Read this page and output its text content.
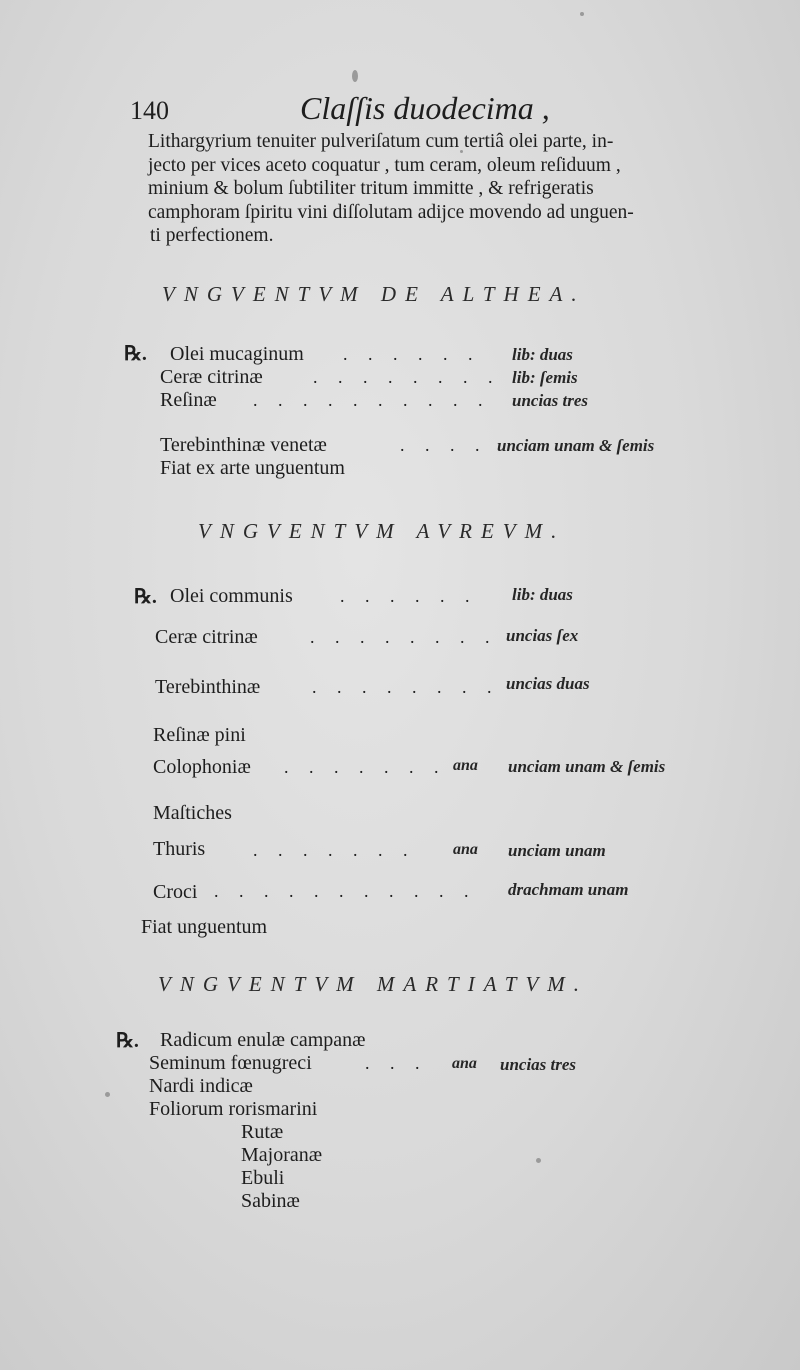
140	Claſſis duodecima ,
Lithargyrium tenuiter pulveriſatum cum tertiâ olei parte, in-
jecto per vices aceto coquatur , tum ceram, oleum reſiduum ,
minium & bolum ſubtiliter tritum immitte , & refrigeratis
camphoram ſpiritu vini diſſolutam adijce movendo ad unguen-
ti perfectionem.
VNGVENTVM DE ALTHEA.
℞. Olei mucaginum . . . . . . lib: duas
Ceræ citrinæ	. . . . . . . . lib: ſemis
Reſinæ . . . . . . . . . . uncias tres
Terebinthinæ venetæ	. . . . unciam unam & ſemis
Fiat ex arte unguentum
VNGVENTVM AVREVM.
℞. Olei communis	. . . . . . lib: duas
Ceræ citrinæ	. . . . . . . . uncias ſex
Terebinthinæ	. . . . . . . . uncias duas
Reſinæ pini
Colophoniæ . . . . . . . ana unciam unam & ſemis
Maſtiches
Thuris	. . . . . . . ana unciam unam
Croci . . . . . . . . . . . drachmam unam
Fiat unguentum
VNGVENTVM MARTIATVM.
℞. Radicum enulæ campanæ
Seminum fœnugreci	. . . ana uncias tres
Nardi indicæ
Foliorum rorismarini
Rutæ
Majoranæ
Ebuli
Sabinæ
